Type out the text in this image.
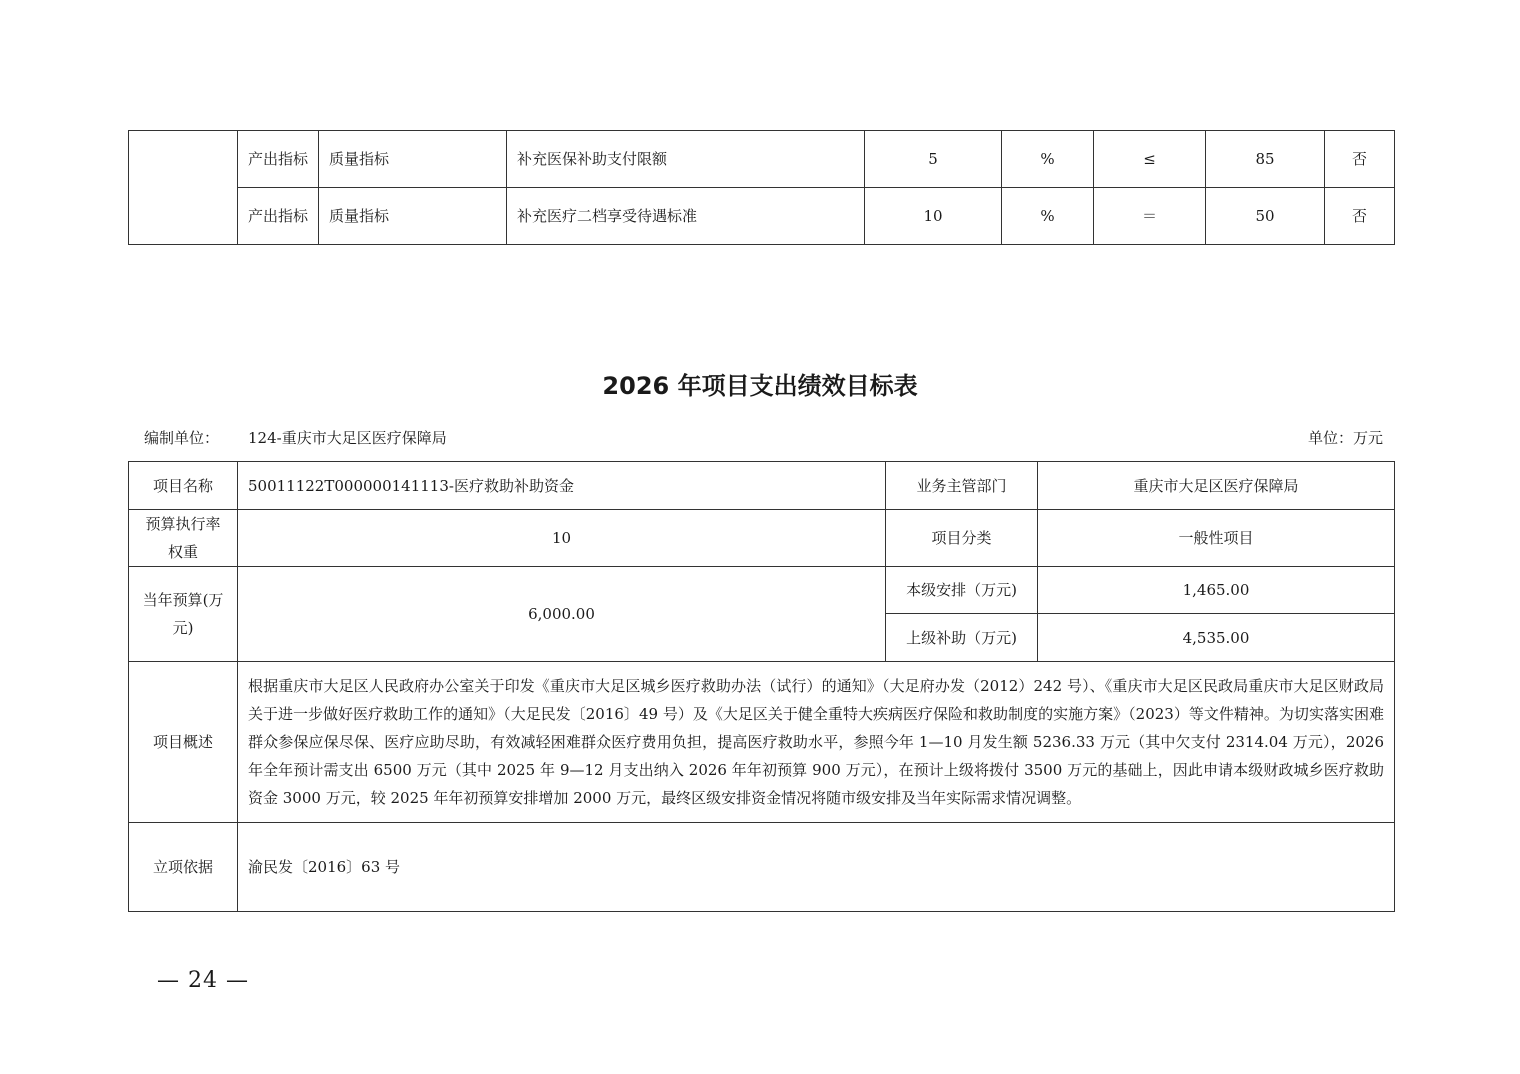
	产出指标	质量指标	补充医保补助支付限额	5	%	≤	85	否
	产出指标	质量指标	补充医疗二档享受待遇标准	10	%	＝	50	否
2026 年项目支出绩效目标表
编制单位： 124-重庆市大足区医疗保障局	单位：万元
项目名称	50011122T000000141113-医疗救助补助资金	业务主管部门	重庆市大足区医疗保障局
预算执行率权重	10	项目分类	一般性项目
当年预算(万元)	6,000.00	本级安排（万元)	1,465.00
		上级补助（万元)	4,535.00
项目概述	根据重庆市大足区人民政府办公室关于印发《重庆市大足区城乡医疗救助办法（试行）的通知》（大足府办发（2012）242 号）、《重庆市大足区民政局重庆市大足区财政局关于进一步做好医疗救助工作的通知》（大足民发〔2016〕49 号）及《大足区关于健全重特大疾病医疗保险和救助制度的实施方案》（2023）等文件精神。为切实落实困难群众参保应保尽保、医疗应助尽助，有效减轻困难群众医疗费用负担，提高医疗救助水平，参照今年 1—10 月发生额 5236.33 万元（其中欠支付 2314.04 万元），2026 年全年预计需支出 6500 万元（其中 2025 年 9—12 月支出纳入 2026 年年初预算 900 万元），在预计上级将拨付 3500 万元的基础上，因此申请本级财政城乡医疗救助资金 3000 万元，较 2025 年年初预算安排增加 2000 万元，最终区级安排资金情况将随市级安排及当年实际需求情况调整。		
立项依据	渝民发〔2016〕63 号		
— 24 —
